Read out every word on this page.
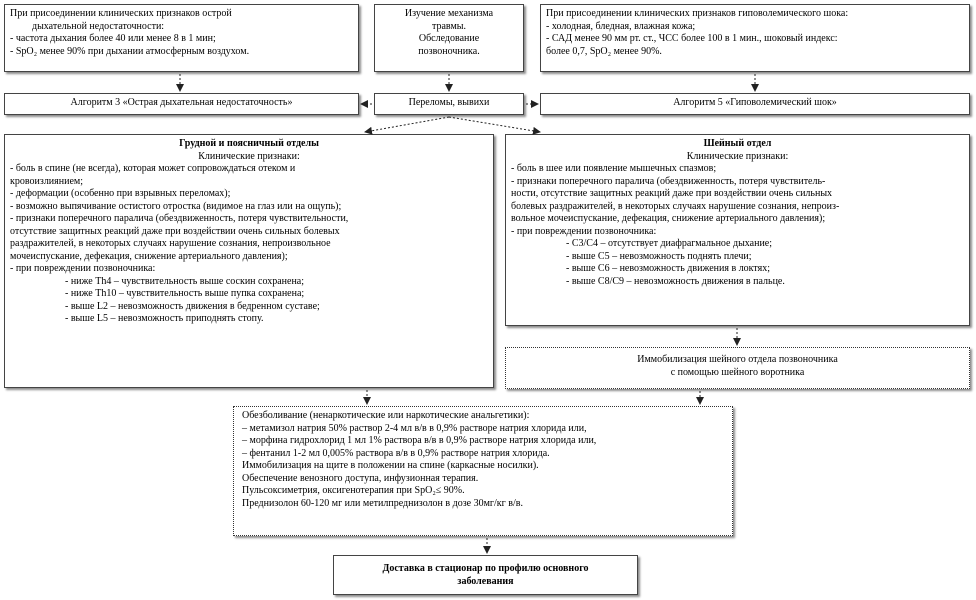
При присоединении клинических признаков острой
дыхательной недостаточности:
- частота дыхания более 40 или менее 8 в 1 мин;
- SpO₂ менее 90% при дыхании атмосферным воздухом.
Изучение механизма
травмы.
Обследование
позвоночника.
При присоединении клинических признаков гиповолемического шока:
- холодная, бледная, влажная кожа;
- САД менее 90 мм рт. ст., ЧСС более 100 в 1 мин., шоковый индекс:
более 0,7, SpO₂ менее 90%.
Алгоритм 3 «Острая дыхательная недостаточность»	Переломы, вывихи	Алгоритм 5 «Гиповолемический шок»
Грудной и поясничный отделы
Клинические признаки:
- боль в спине (не всегда), которая может сопровождаться отеком и
кровоизлиянием;
- деформации (особенно при взрывных переломах);
- возможно выпячивание остистого отростка (видимое на глаз или на ощупь);
- признаки поперечного паралича (обездвиженность, потеря чувствительности,
отсутствие защитных реакций даже при воздействии очень сильных болевых
раздражителей, в некоторых случаях нарушение сознания, непроизвольное
мочеиспускание, дефекация, снижение артериального давления);
- при повреждении позвоночника:
- ниже Th4 – чувствительность выше соскин сохранена;
- ниже Th10 – чувствительность выше пупка сохранена;
- выше L2 – невозможность движения в бедренном суставе;
- выше L5 – невозможность приподнять стопу.
Шейный отдел
Клинические признаки:
- боль в шее или появление мышечных спазмов;
- признаки поперечного паралича (обездвиженность, потеря чувствитель-
ности, отсутствие защитных реакций даже при воздействии очень сильных
болевых раздражителей, в некоторых случаях нарушение сознания, непроиз-
вольное мочеиспускание, дефекация, снижение артериального давления);
- при повреждении позвоночника:
- С3/С4 – отсутствует диафрагмальное дыхание;
- выше С5 – невозможность поднять плечи;
- выше С6 – невозможность движения в локтях;
- выше С8/С9 – невозможность движения в пальце.
Иммобилизация шейного отдела позвоночника
с помощью шейного воротника
Обезболивание (ненаркотические или наркотические анальгетики):
– метамизол натрия 50% раствор 2-4 мл в/в в 0,9% растворе натрия хлорида или,
– морфина гидрохлорид 1 мл 1% раствора в/в в 0,9% растворе натрия хлорида или,
– фентанил 1-2 мл 0,005% раствора в/в в 0,9% растворе натрия хлорида.
Иммобилизация на щите в положении на спине (каркасные носилки).
Обеспечение венозного доступа, инфузионная терапия.
Пульсоксиметрия, оксигенотерапия при SpO₂≤ 90%.
Преднизолон 60-120 мг или метилпреднизолон в дозе 30мг/кг в/в.
Доставка в стационар по профилю основного
заболевания
